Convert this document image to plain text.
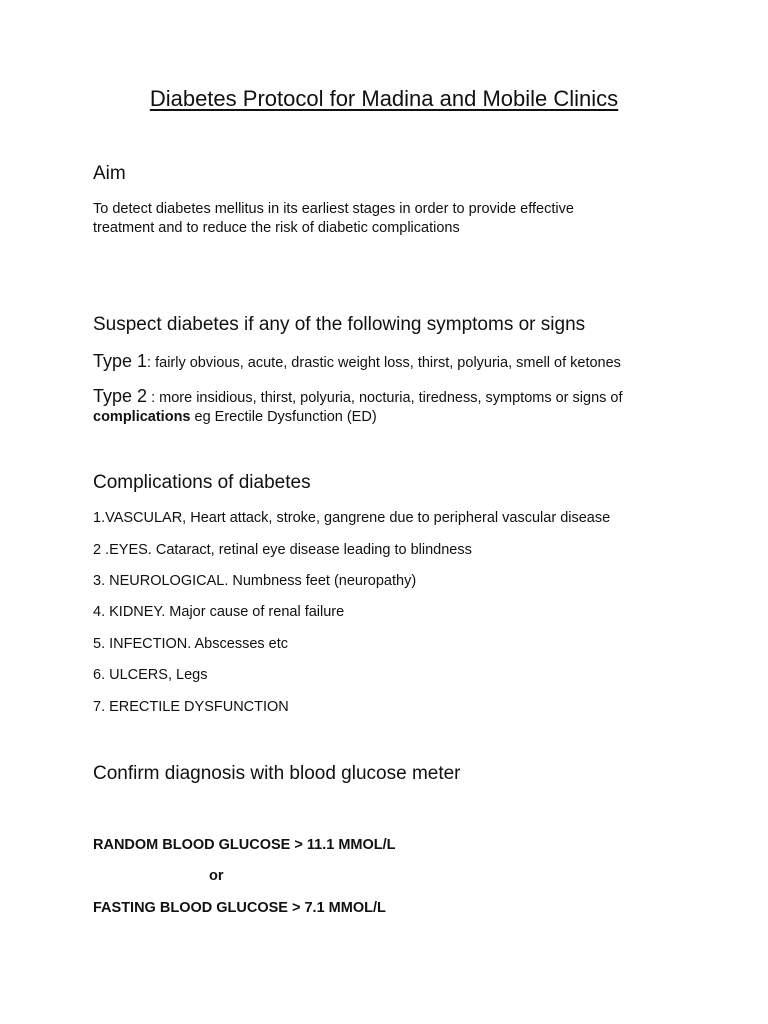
Diabetes Protocol for Madina and Mobile Clinics
Aim
To detect diabetes mellitus in its earliest stages in order to provide effective
treatment and to reduce the risk of diabetic complications
Suspect diabetes if any of the following symptoms or signs
Type 1: fairly obvious, acute, drastic weight loss, thirst, polyuria, smell of ketones
Type 2 : more insidious, thirst, polyuria, nocturia, tiredness, symptoms or signs of
complications eg Erectile Dysfunction (ED)
Complications of diabetes
1.VASCULAR, Heart attack, stroke, gangrene due to peripheral vascular disease
2 .EYES. Cataract, retinal eye disease leading to blindness
3. NEUROLOGICAL. Numbness feet (neuropathy)
4. KIDNEY. Major cause of renal failure
5. INFECTION. Abscesses etc
6. ULCERS, Legs
7. ERECTILE DYSFUNCTION
Confirm diagnosis with blood glucose meter
RANDOM BLOOD GLUCOSE > 11.1 MMOL/L
or
FASTING BLOOD GLUCOSE > 7.1 MMOL/L
